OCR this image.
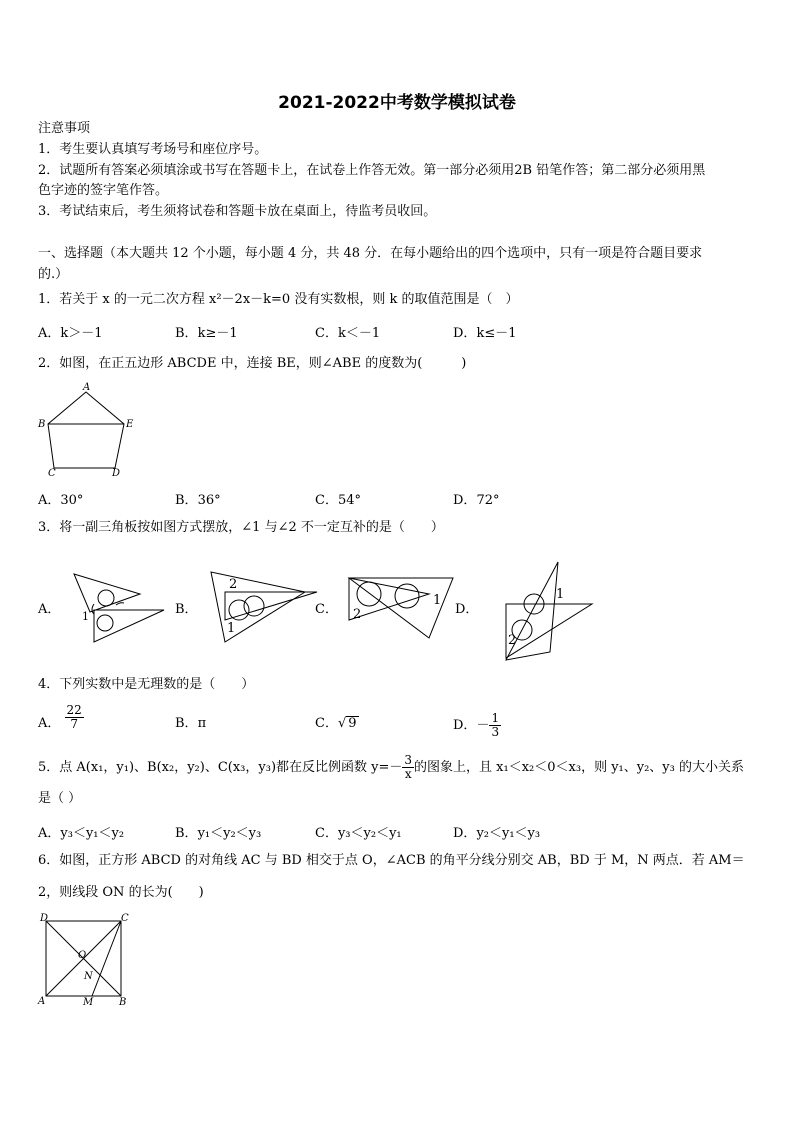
2021-2022中考数学模拟试卷
注意事项
1．考生要认真填写考场号和座位序号。
2．试题所有答案必须填涂或书写在答题卡上，在试卷上作答无效。第一部分必须用2B 铅笔作答；第二部分必须用黑
色字迹的签字笔作答。
3．考试结束后，考生须将试卷和答题卡放在桌面上，待监考员收回。
一、选择题（本大题共 12 个小题，每小题 4 分，共 48 分．在每小题给出的四个选项中，只有一项是符合题目要求
的.）
1．若关于 x 的一元二次方程 x²－2x－k=0 没有实数根，则 k 的取值范围是（　）
A．k＞－1	B．k≥－1	C．k＜－1	D．k≤－1
2．如图，在正五边形 ABCDE 中，连接 BE，则∠ABE 的度数为(　　　)
A
B	E
C	D
A．30°	B．36°	C．54°	D．72°
3．将一副三角板按如图方式摆放，∠1 与∠2 不一定互补的是（　　）
A． 1	B．
2
1
C． 2
1
D．
1
2
4．下列实数中是无理数的是（　　）
A． $\frac{22}{7}$	B．π	C．√ 9	D．－ $\frac{1}{3}$
5．点 A(x₁，y₁)、B(x₂，y₂)、C(x₃，y₃)都在反比例函数 $y=- \frac{3}{x}$ 的图象上，且 x₁＜x₂＜0＜x₃，则 y₁、y₂、y₃ 的大小关系
是（ ）
A．y₃＜y₁＜y₂	B．y₁＜y₂＜y₃	C．y₃＜y₂＜y₁	D．y₂＜y₁＜y₃
6．如图，正方形 ABCD 的对角线 AC 与 BD 相交于点 O，∠ACB 的角平分线分别交 AB，BD 于 M，N 两点．若 AM＝
2，则线段 ON 的长为(　　)
D	C
O
N
A	M	B
